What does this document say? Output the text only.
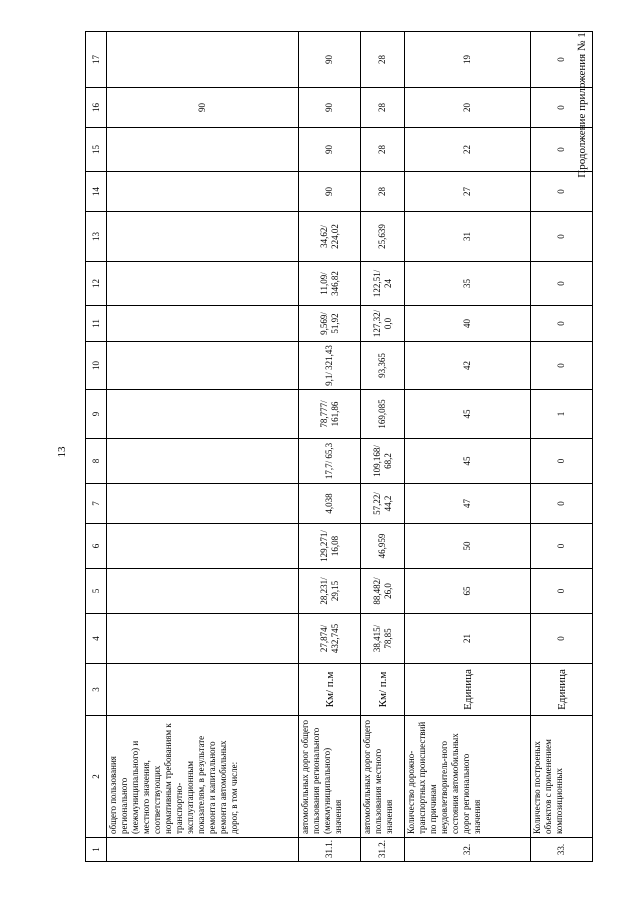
13
Продолжение приложения № 1
1	2	3	4	5	6	7	8	9	10	11	12	13	14	15	16	17
	общего пользования регионального (межмуниципального) и местного значения, соответствующих нормативным требованиям к транспортно-эксплуатационным показателям, в результате ремонта и капитального ремонта автомобильных дорог, в том числе:														90	
31.1.	автомобильных дорог общего пользования регионального (межмуниципального) значения	Км/ п.м	27,874/ 432,745	28,231/ 29,15	129,271/ 16,08	4,038	17,7/ 65,3	78,777/ 161,86	9,1/ 321,43	9,569/ 51,92	11,09/ 346,82	34,62/ 224,02	90	90	90	90
31.2.	автомобильных дорог общего пользования местного значения	Км/ п.м	38,415/ 78,85	88,482/ 26,0	46,959	57,22/ 44,2	109,168/ 68,2	169,085	93,365	127,32/ 0,0	122,51/ 24	25,639	28	28	28	28
32.	Количество дорожно-транспортных происшествий по причинам неудовлетворитель-ного состояния автомобильных дорог регионального значения	Единица	21	65	50	47	45	45	42	40	35	31	27	22	20	19
33.	Количество построеных объектов с применением композиционных	Единица	0	0	0	0	0	1	0	0	0	0	0	0	0	0
